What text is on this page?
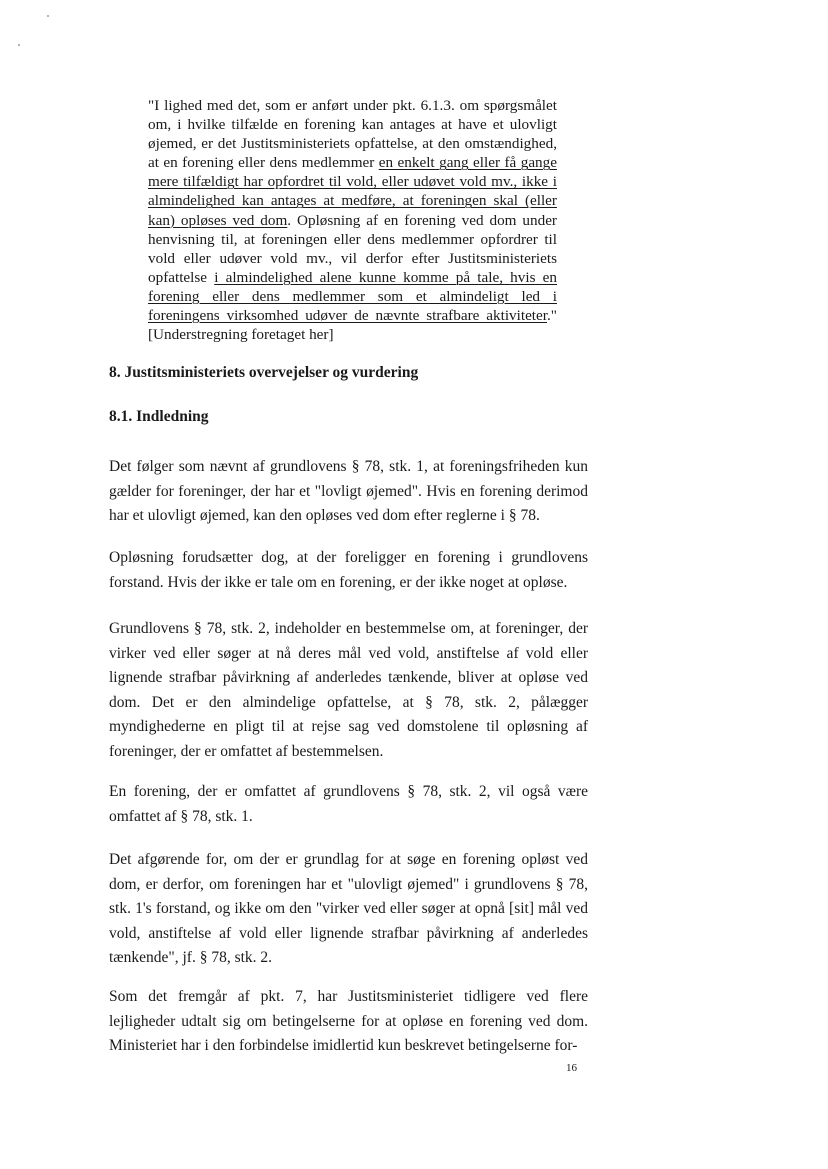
"I lighed med det, som er anført under pkt. 6.1.3. om spørgsmålet om, i hvilke tilfælde en forening kan antages at have et ulovligt øjemed, er det Justitsministeriets opfattelse, at den omstændighed, at en forening eller dens medlemmer en enkelt gang eller få gange mere tilfældigt har opfordret til vold, eller udøvet vold mv., ikke i almindelighed kan antages at medføre, at foreningen skal (eller kan) opløses ved dom. Opløsning af en forening ved dom under henvisning til, at foreningen eller dens medlemmer opfordrer til vold eller udøver vold mv., vil derfor efter Justitsministeriets opfattelse i almindelighed alene kunne komme på tale, hvis en forening eller dens medlemmer som et almindeligt led i foreningens virksomhed udøver de nævnte strafbare aktiviteter." [Understregning foretaget her]
8. Justitsministeriets overvejelser og vurdering
8.1. Indledning

Det følger som nævnt af grundlovens § 78, stk. 1, at foreningsfriheden kun gælder for foreninger, der har et "lovligt øjemed". Hvis en forening derimod har et ulovligt øjemed, kan den opløses ved dom efter reglerne i § 78.

Opløsning forudsætter dog, at der foreligger en forening i grundlovens forstand. Hvis der ikke er tale om en forening, er der ikke noget at opløse.

Grundlovens § 78, stk. 2, indeholder en bestemmelse om, at foreninger, der virker ved eller søger at nå deres mål ved vold, anstiftelse af vold eller lignende strafbar påvirkning af anderledes tænkende, bliver at opløse ved dom. Det er den almindelige opfattelse, at § 78, stk. 2, pålægger myndighederne en pligt til at rejse sag ved domstolene til opløsning af foreninger, der er omfattet af bestemmelsen.

En forening, der er omfattet af grundlovens § 78, stk. 2, vil også være omfattet af § 78, stk. 1.

Det afgørende for, om der er grundlag for at søge en forening opløst ved dom, er derfor, om foreningen har et "ulovligt øjemed" i grundlovens § 78, stk. 1's forstand, og ikke om den "virker ved eller søger at opnå [sit] mål ved vold, anstiftelse af vold eller lignende strafbar påvirkning af anderledes tænkende", jf. § 78, stk. 2.

Som det fremgår af pkt. 7, har Justitsministeriet tidligere ved flere lejligheder udtalt sig om betingelserne for at opløse en forening ved dom. Ministeriet har i den forbindelse imidlertid kun beskrevet betingelserne for-

16
